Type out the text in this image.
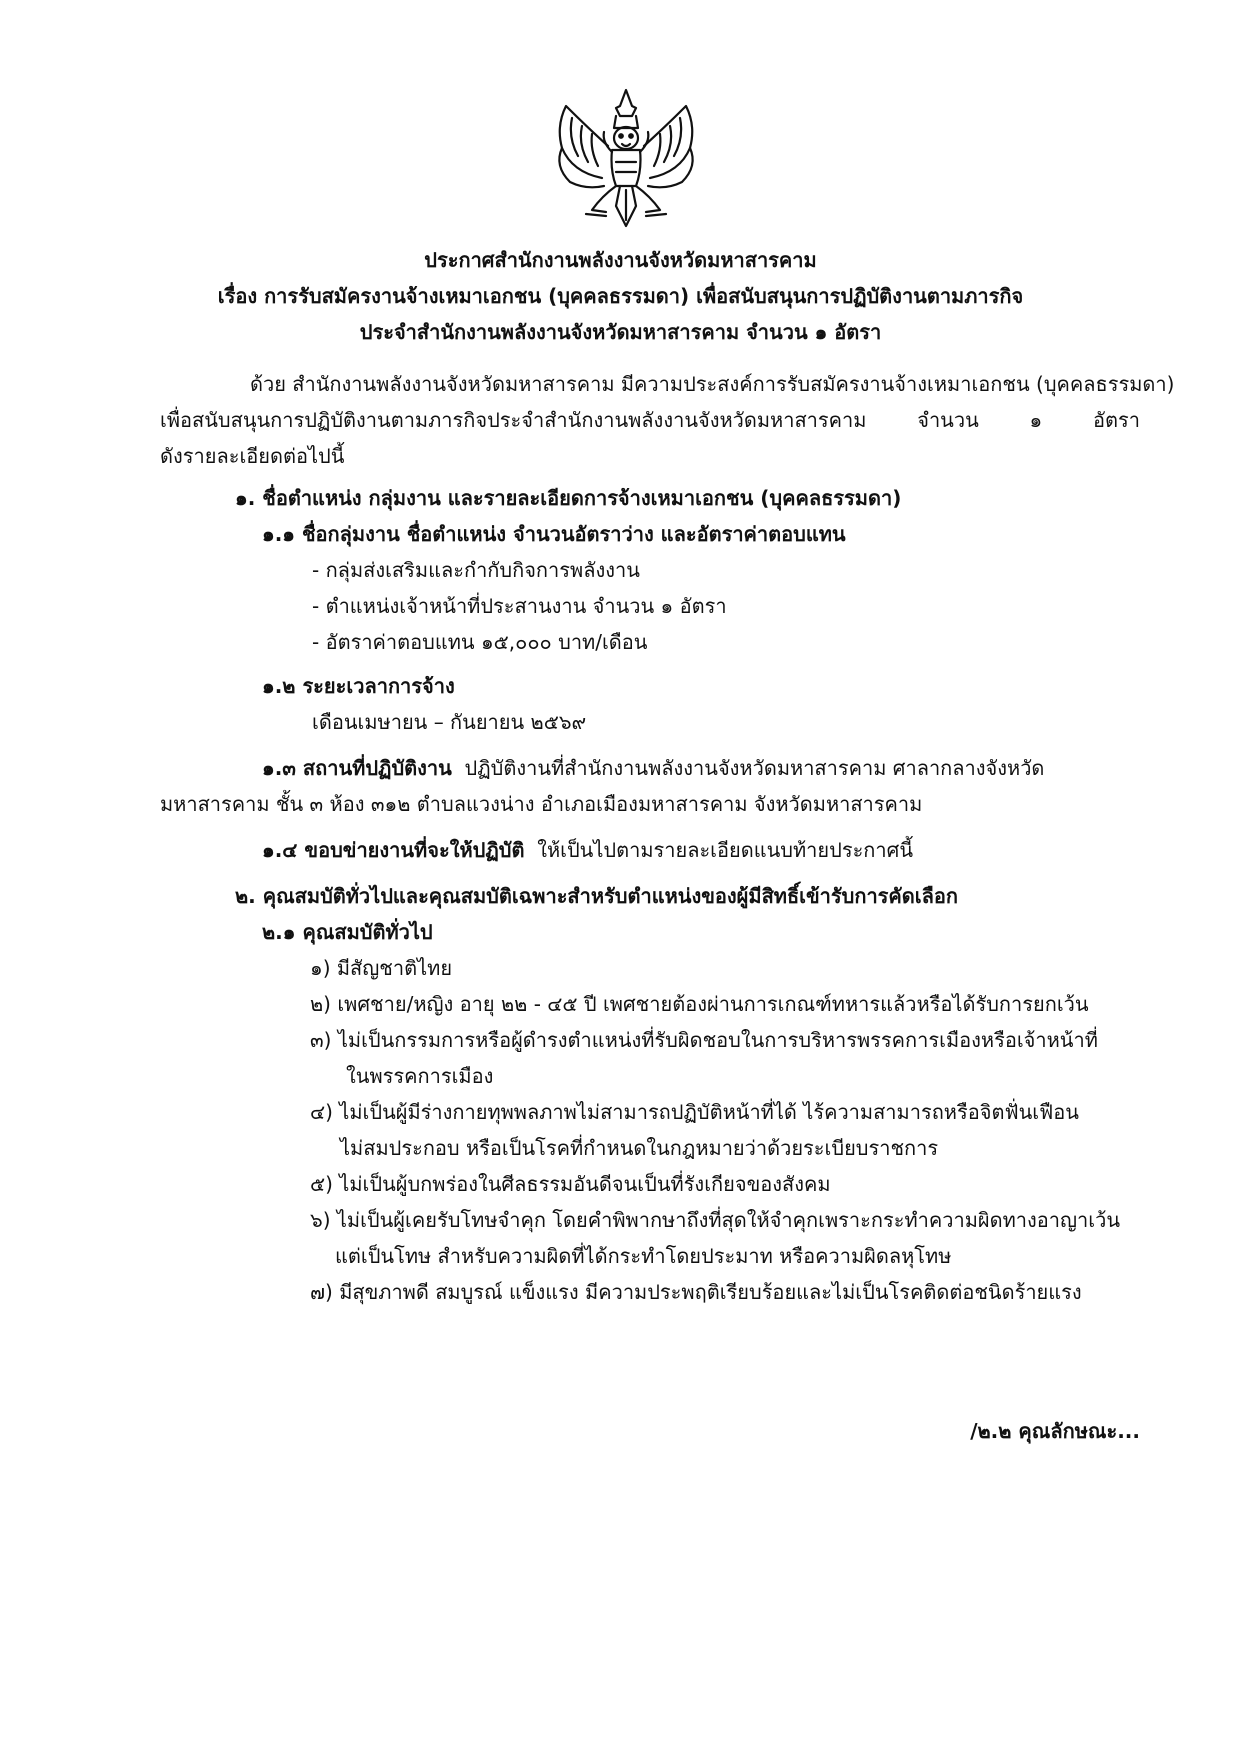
ประกาศสำนักงานพลังงานจังหวัดมหาสารคาม
เรื่อง การรับสมัครงานจ้างเหมาเอกชน (บุคคลธรรมดา) เพื่อสนับสนุนการปฏิบัติงานตามภารกิจ
ประจำสำนักงานพลังงานจังหวัดมหาสารคาม จำนวน ๑ อัตรา
ด้วย สำนักงานพลังงานจังหวัดมหาสารคาม มีความประสงค์การรับสมัครงานจ้างเหมาเอกชน (บุคคลธรรมดา)
เพื่อสนับสนุนการปฏิบัติงานตามภารกิจประจำสำนักงานพลังงานจังหวัดมหาสารคาม จำนวน ๑ อัตรา
ดังรายละเอียดต่อไปนี้
๑. ชื่อตำแหน่ง กลุ่มงาน และรายละเอียดการจ้างเหมาเอกชน (บุคคลธรรมดา)
๑.๑ ชื่อกลุ่มงาน ชื่อตำแหน่ง จำนวนอัตราว่าง และอัตราค่าตอบแทน
- กลุ่มส่งเสริมและกำกับกิจการพลังงาน
- ตำแหน่งเจ้าหน้าที่ประสานงาน จำนวน ๑ อัตรา
- อัตราค่าตอบแทน ๑๕,๐๐๐ บาท/เดือน
๑.๒ ระยะเวลาการจ้าง
เดือนเมษายน – กันยายน ๒๕๖๙
๑.๓ สถานที่ปฏิบัติงาน ปฏิบัติงานที่สำนักงานพลังงานจังหวัดมหาสารคาม ศาลากลางจังหวัด
มหาสารคาม ชั้น ๓ ห้อง ๓๑๒ ตำบลแวงน่าง อำเภอเมืองมหาสารคาม จังหวัดมหาสารคาม
๑.๔ ขอบข่ายงานที่จะให้ปฏิบัติ ให้เป็นไปตามรายละเอียดแนบท้ายประกาศนี้
๒. คุณสมบัติทั่วไปและคุณสมบัติเฉพาะสำหรับตำแหน่งของผู้มีสิทธิ์เข้ารับการคัดเลือก
๒.๑ คุณสมบัติทั่วไป
๑) มีสัญชาติไทย
๒) เพศชาย/หญิง อายุ ๒๒ - ๔๕ ปี เพศชายต้องผ่านการเกณฑ์ทหารแล้วหรือได้รับการยกเว้น
๓) ไม่เป็นกรรมการหรือผู้ดำรงตำแหน่งที่รับผิดชอบในการบริหารพรรคการเมืองหรือเจ้าหน้าที่
ในพรรคการเมือง
๔) ไม่เป็นผู้มีร่างกายทุพพลภาพไม่สามารถปฏิบัติหน้าที่ได้ ไร้ความสามารถหรือจิตฟั่นเฟือน
ไม่สมประกอบ หรือเป็นโรคที่กำหนดในกฎหมายว่าด้วยระเบียบราชการ
๕) ไม่เป็นผู้บกพร่องในศีลธรรมอันดีจนเป็นที่รังเกียจของสังคม
๖) ไม่เป็นผู้เคยรับโทษจำคุก โดยคำพิพากษาถึงที่สุดให้จำคุกเพราะกระทำความผิดทางอาญาเว้น
แต่เป็นโทษ สำหรับความผิดที่ได้กระทำโดยประมาท หรือความผิดลหุโทษ
๗) มีสุขภาพดี สมบูรณ์ แข็งแรง มีความประพฤติเรียบร้อยและไม่เป็นโรคติดต่อชนิดร้ายแรง
/๒.๒ คุณลักษณะ...
